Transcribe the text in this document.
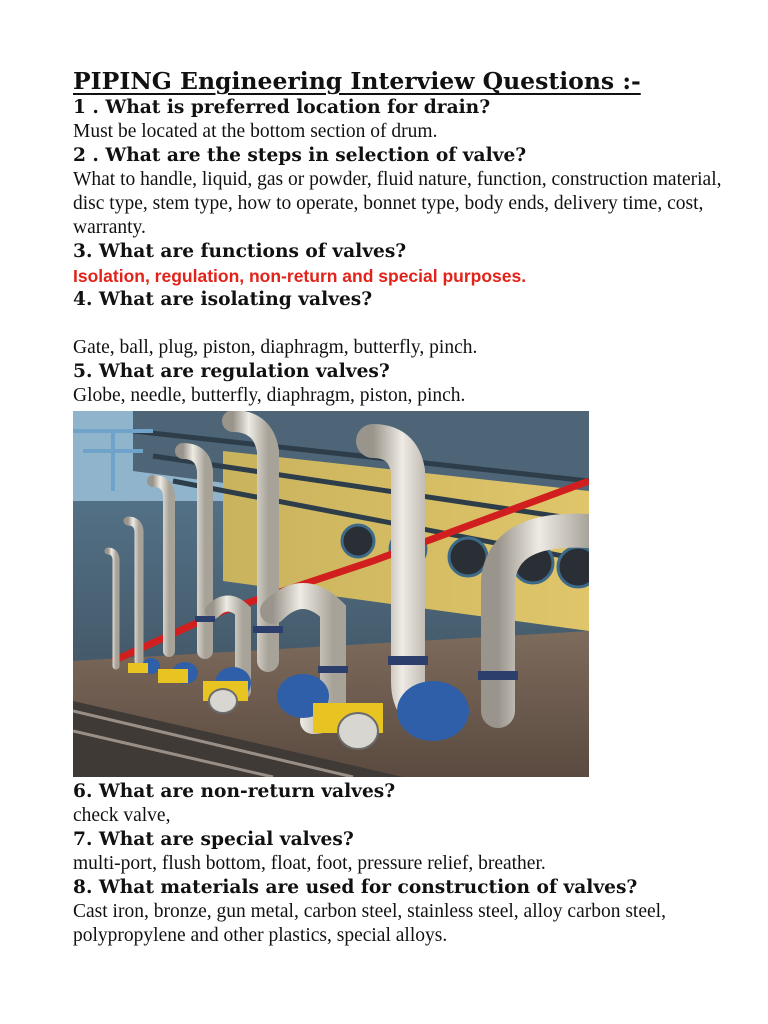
PIPING Engineering Interview Questions :-

1 . What is preferred location for drain?

Must be located at the bottom section of drum.

2 . What are the steps in selection of valve?

What to handle, liquid, gas or powder, fluid nature, function, construction material, disc type, stem type, how to operate, bonnet type, body ends, delivery time, cost, warranty.

3. What are functions of valves?

Isolation, regulation, non-return and special purposes.

4. What are isolating valves?

Gate, ball, plug, piston, diaphragm, butterfly, pinch.

5. What are regulation valves?

Globe, needle, butterfly, diaphragm, piston, pinch.

6. What are non-return valves?

check valve,

7. What are special valves?

multi-port, flush bottom, float, foot, pressure relief, breather.

8. What materials are used for construction of valves?

Cast iron, bronze, gun metal, carbon steel, stainless steel, alloy carbon steel, polypropylene and other plastics, special alloys.
